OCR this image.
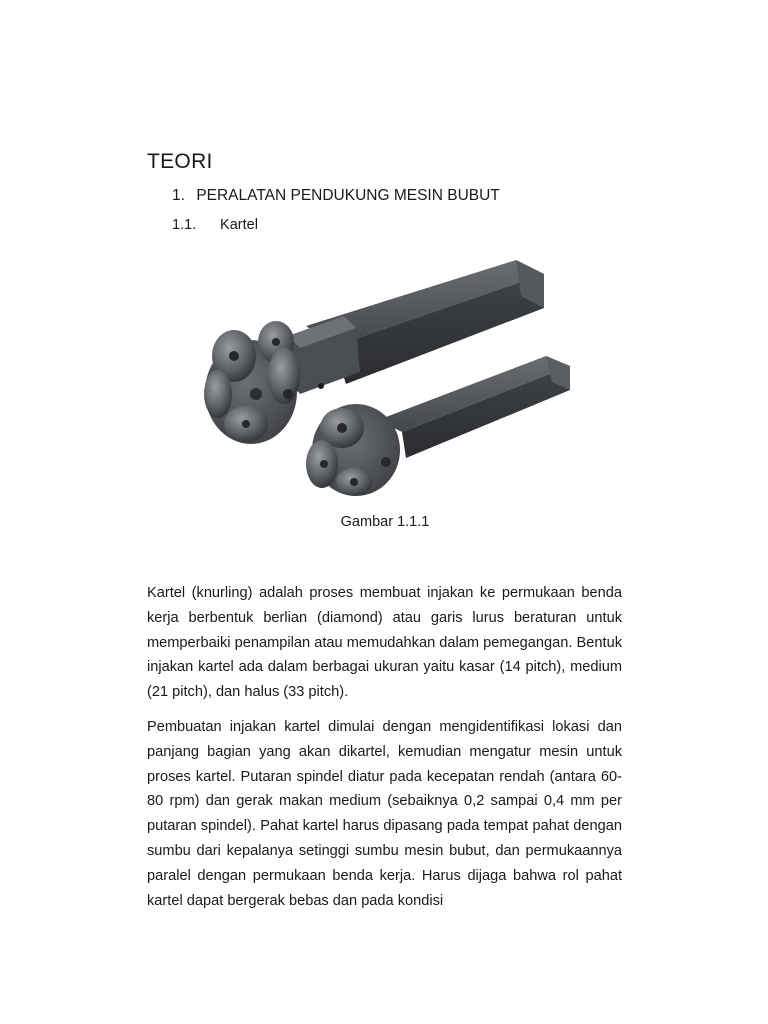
TEORI
1. PERALATAN PENDUKUNG MESIN BUBUT
1.1. Kartel
Gambar 1.1.1

Kartel (knurling) adalah proses membuat injakan ke permukaan benda kerja berbentuk berlian (diamond) atau garis lurus beraturan untuk memperbaiki penampilan atau memudahkan dalam pemegangan. Bentuk injakan kartel ada dalam berbagai ukuran yaitu kasar (14 pitch), medium (21 pitch), dan halus (33 pitch).

Pembuatan injakan kartel dimulai dengan mengidentifikasi lokasi dan panjang bagian yang akan dikartel, kemudian mengatur mesin untuk proses kartel. Putaran spindel diatur pada kecepatan rendah (antara 60-80 rpm) dan gerak makan medium (sebaiknya 0,2 sampai 0,4 mm per putaran spindel). Pahat kartel harus dipasang pada tempat pahat dengan sumbu dari kepalanya setinggi sumbu mesin bubut, dan permukaannya paralel dengan permukaan benda kerja. Harus dijaga bahwa rol pahat kartel dapat bergerak bebas dan pada kondisi
